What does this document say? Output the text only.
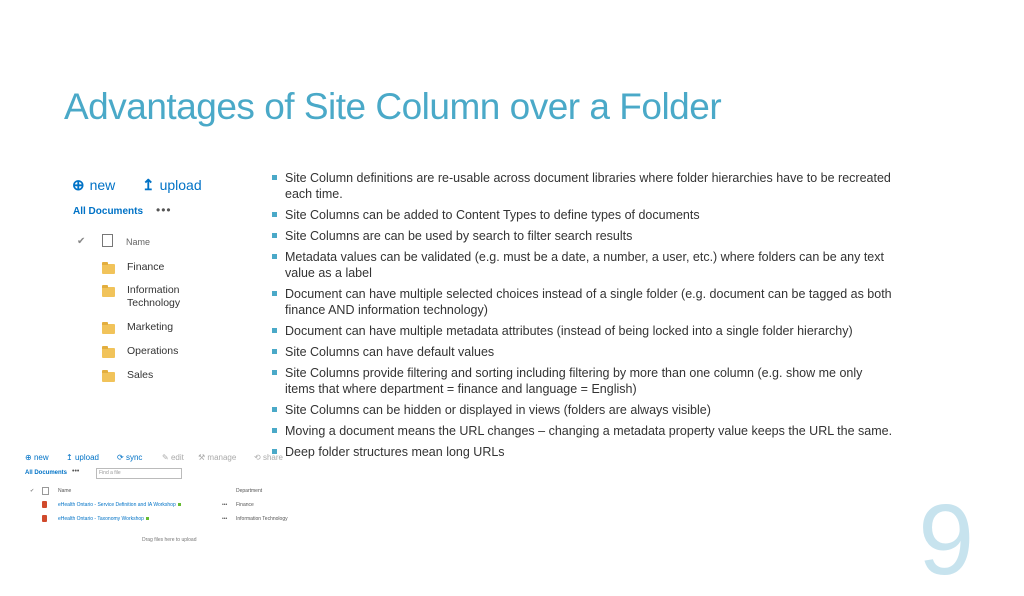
Advantages of Site Column over a Folder
⊕ new ↥ upload
All Documents •••
✔	Name
Finance
Information Technology
Marketing
Operations
Sales
Site Column definitions are re-usable across document libraries where folder hierarchies have to be recreated each time.
Site Columns can be added to Content Types to define types of documents
Site Columns are can be used by search to filter search results
Metadata values can be validated (e.g. must be a date, a number, a user, etc.) where folders can be any text value as a label
Document can have multiple selected choices instead of a single folder (e.g. document can be tagged as both finance AND information technology)
Document can have multiple metadata attributes (instead of being locked into a single folder hierarchy)
Site Columns can have default values
Site Columns provide filtering and sorting including filtering by more than one column (e.g. show me only items that where department = finance and language = English)
Site Columns can be hidden or displayed in views (folders are always visible)
Moving a document means the URL changes – changing a metadata property value keeps the URL the same.
Deep folder structures mean long URLs
⊕ new ↥ upload ⟳ sync ✎ edit ⚒ manage ⟲ share
All Documents •••	Find a file
✔	Name	Department
eHealth Ontario - Service Definition and IA Workshop	••• Finance
eHealth Ontario - Taxonomy Workshop	••• Information Technology
Drag files here to upload	9
